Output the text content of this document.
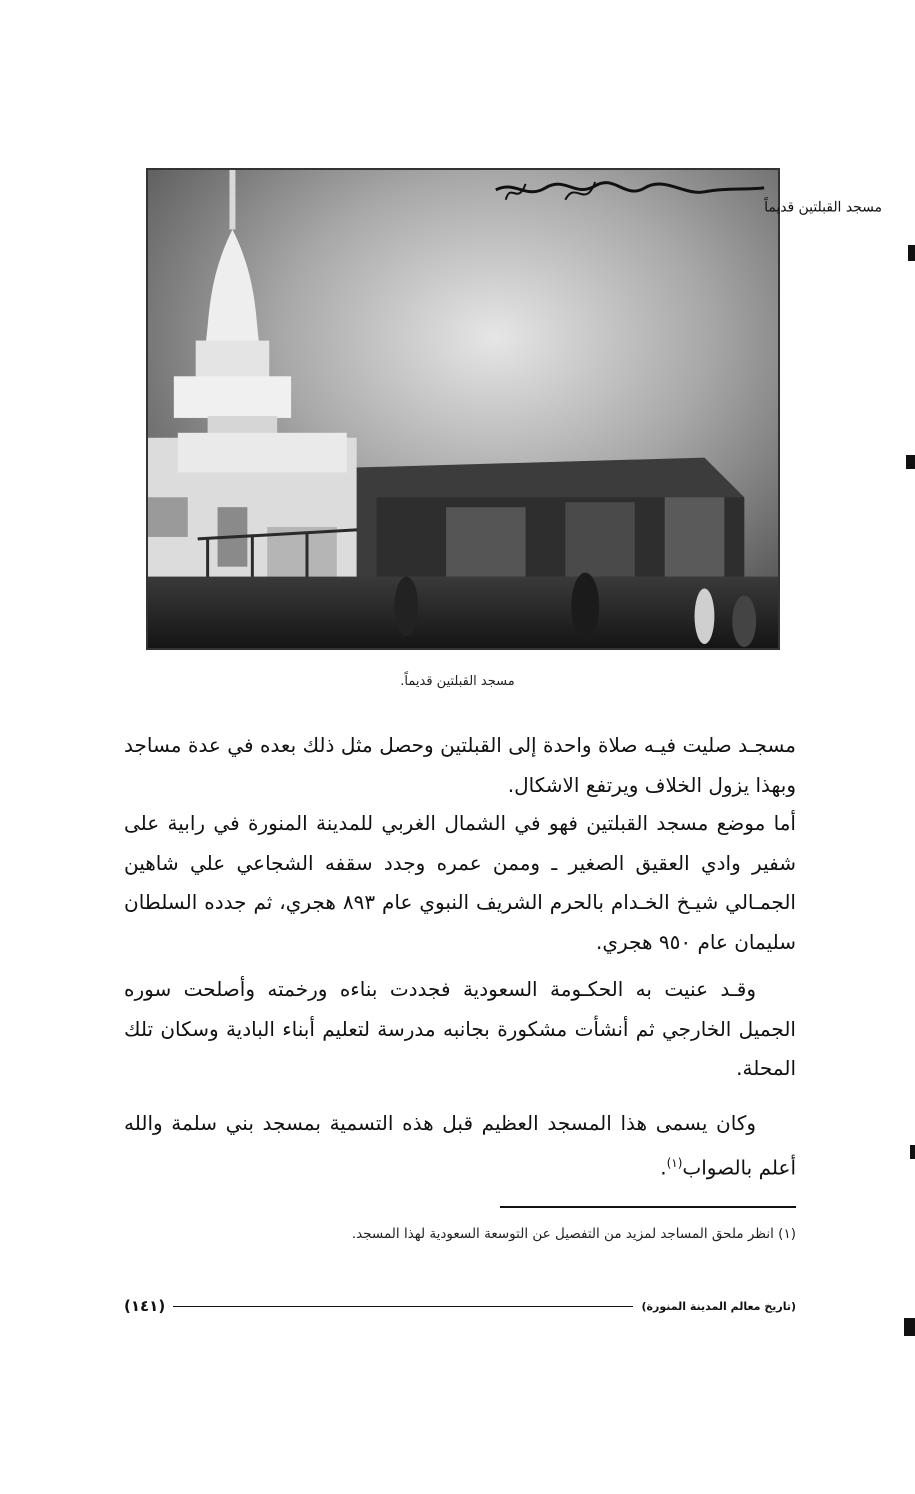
مسجد القبلتين قديماً
مسجد القبلتين قديماً.

مسجـد صليت فيـه صلاة واحدة إلى القبلتين وحصل مثل ذلك بعده في عدة مساجد وبهذا يزول الخلاف ويرتفع الاشكال.

أما موضع مسجد القبلتين فهو في الشمال الغربي للمدينة المنورة في رابية على شفير وادي العقيق الصغير ـ وممن عمره وجدد سقفه الشجاعي علي شاهين الجمـالي شيـخ الخـدام بالحرم الشريف النبوي عام ٨٩٣ هجري، ثم جدده السلطان سليمان عام ٩٥٠ هجري.

وقـد عنيت به الحكـومة السعودية فجددت بناءه ورخمته وأصلحت سوره الجميل الخارجي ثم أنشأت مشكورة بجانبه مدرسة لتعليم أبناء البادية وسكان تلك المحلة.

وكان يسمى هذا المسجد العظيم قبل هذه التسمية بمسجد بني سلمة والله أعلم بالصواب$^{(١)}$.

(١) انظر ملحق المساجد لمزيد من التفصيل عن التوسعة السعودية لهذا المسجد.
(تاريخ معالم المدينة المنورة)
(١٤١)
